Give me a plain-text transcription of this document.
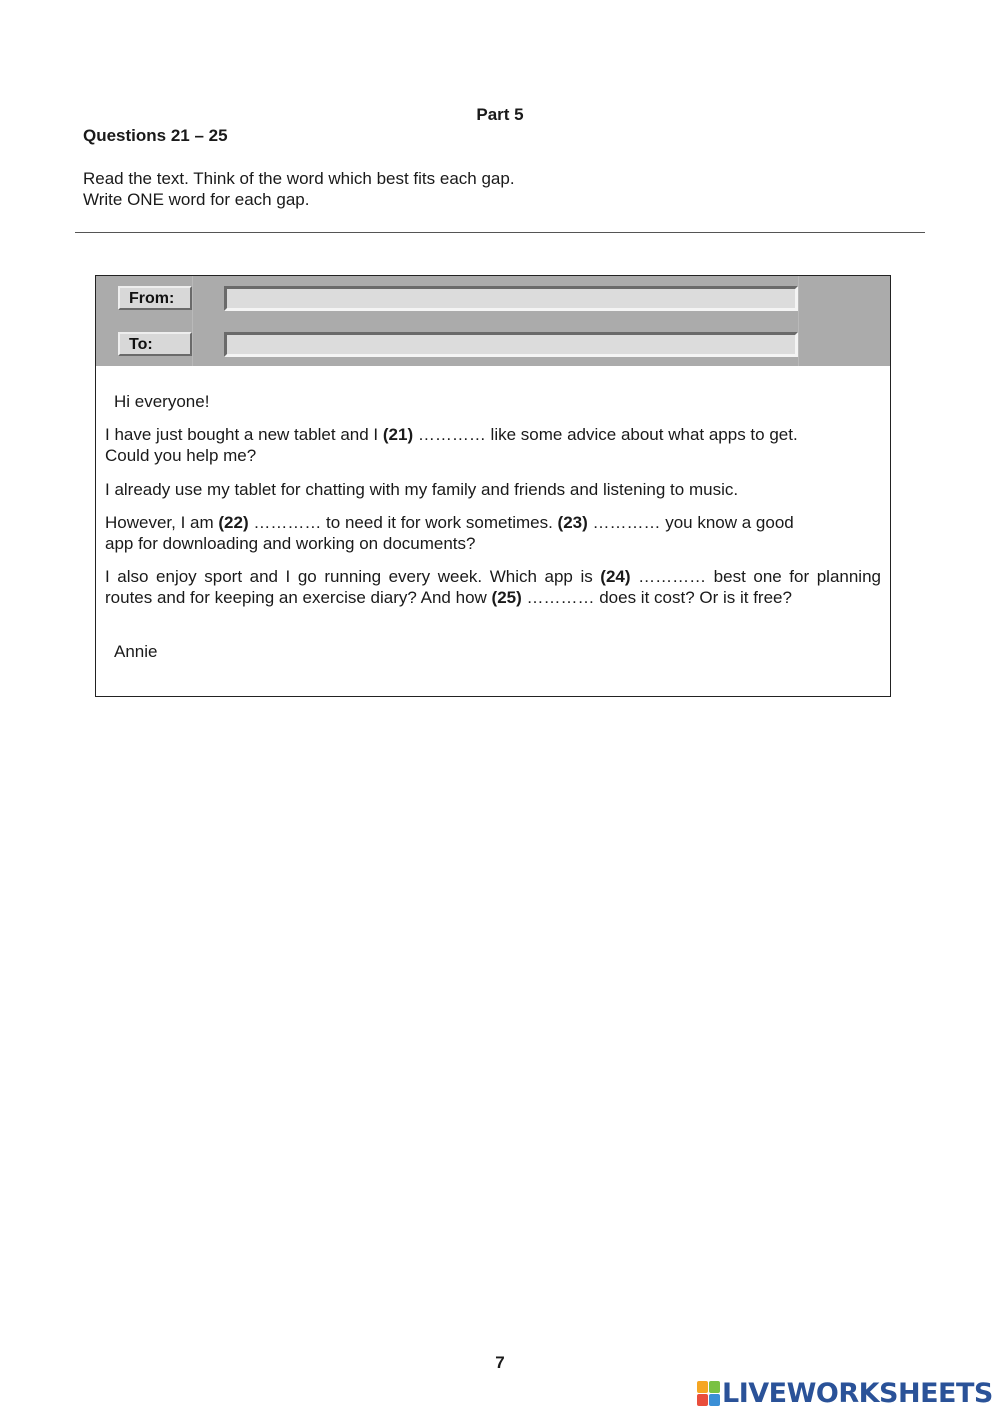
Part 5
Questions 21 – 25
Read the text. Think of the word which best fits each gap.
Write ONE word for each gap.
From:
To:

Hi everyone!

I have just bought a new tablet and I (21) ………… like some advice about what apps to get.
Could you help me?

I already use my tablet for chatting with my family and friends and listening to music.

However, I am (22) ………… to need it for work sometimes. (23) ………… you know a good
app for downloading and working on documents?

I also enjoy sport and I go running every week. Which app is (24) ………… best one for planning routes and for keeping an exercise diary? And how (25) ………… does it cost? Or is it free?

Annie

7
LIVEWORKSHEETS
